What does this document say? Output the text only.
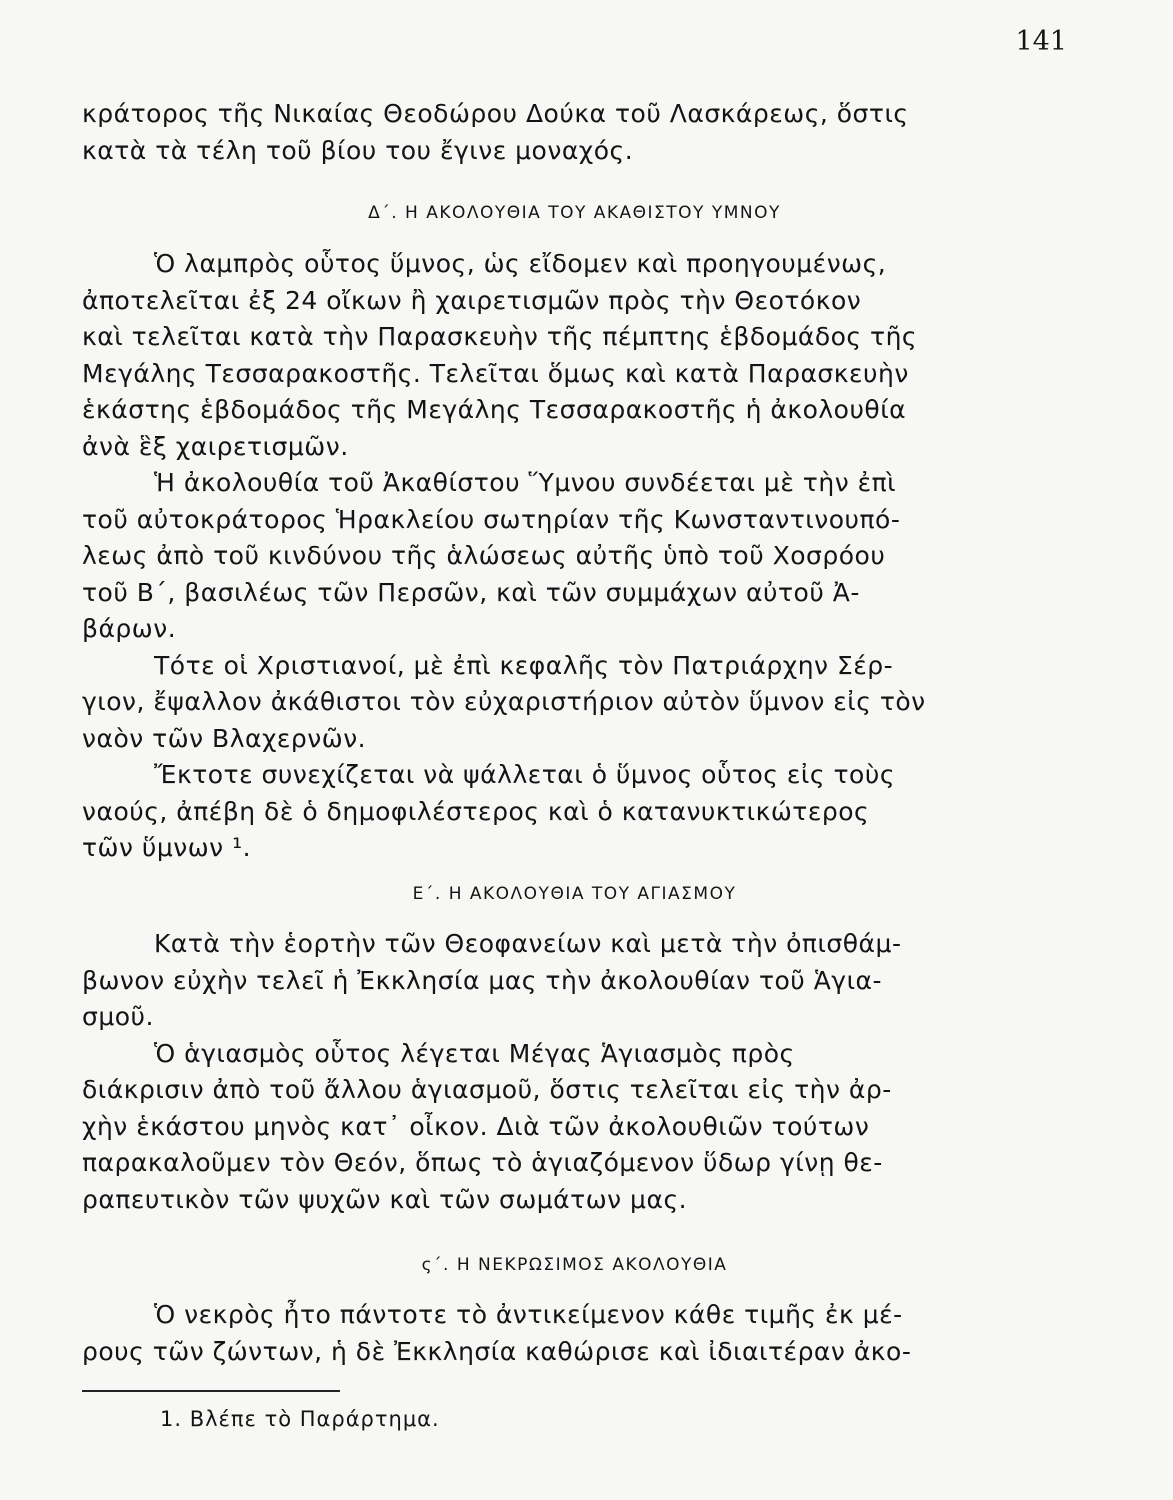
141
κράτορος τῆς Νικαίας Θεοδώρου Δούκα τοῦ Λασκάρεως, ὅστις
κατὰ τὰ τέλη τοῦ βίου του ἔγινε μοναχός.
Δ΄. Η ΑΚΟΛΟΥΘΙΑ ΤΟΥ ΑΚΑΘΙΣΤΟΥ ΥΜΝΟΥ
Ὁ λαμπρὸς οὗτος ὕμνος, ὡς εἴδομεν καὶ προηγουμένως,
ἀποτελεῖται ἐξ 24 οἴκων ἢ χαιρετισμῶν πρὸς τὴν Θεοτόκον
καὶ τελεῖται κατὰ τὴν Παρασκευὴν τῆς πέμπτης ἑβδομάδος τῆς
Μεγάλης Τεσσαρακοστῆς. Τελεῖται ὅμως καὶ κατὰ Παρασκευὴν
ἑκάστης ἑβδομάδος τῆς Μεγάλης Τεσσαρακοστῆς ἡ ἀκολουθία
ἀνὰ ἓξ χαιρετισμῶν.
Ἡ ἀκολουθία τοῦ Ἀκαθίστου Ὕμνου συνδέεται μὲ τὴν ἐπὶ
τοῦ αὐτοκράτορος Ἡρακλείου σωτηρίαν τῆς Κωνσταντινουπό-
λεως ἀπὸ τοῦ κινδύνου τῆς ἁλώσεως αὐτῆς ὑπὸ τοῦ Χοσρόου
τοῦ Β΄, βασιλέως τῶν Περσῶν, καὶ τῶν συμμάχων αὐτοῦ Ἀ-
βάρων.
Τότε οἱ Χριστιανοί, μὲ ἐπὶ κεφαλῆς τὸν Πατριάρχην Σέρ-
γιον, ἔψαλλον ἀκάθιστοι τὸν εὐχαριστήριον αὐτὸν ὕμνον εἰς τὸν
ναὸν τῶν Βλαχερνῶν.
Ἔκτοτε συνεχίζεται νὰ ψάλλεται ὁ ὕμνος οὗτος εἰς τοὺς
ναούς, ἀπέβη δὲ ὁ δημοφιλέστερος καὶ ὁ κατανυκτικώτερος
τῶν ὕμνων ¹.
Ε΄. Η ΑΚΟΛΟΥΘΙΑ ΤΟΥ ΑΓΙΑΣΜΟΥ
Κατὰ τὴν ἑορτὴν τῶν Θεοφανείων καὶ μετὰ τὴν ὀπισθάμ-
βωνον εὐχὴν τελεῖ ἡ Ἐκκλησία μας τὴν ἀκολουθίαν τοῦ Ἁγια-
σμοῦ.
Ὁ ἁγιασμὸς οὗτος λέγεται Μέγας Ἁγιασμὸς πρὸς
διάκρισιν ἀπὸ τοῦ ἄλλου ἁγιασμοῦ, ὅστις τελεῖται εἰς τὴν ἀρ-
χὴν ἑκάστου μηνὸς κατ᾽ οἶκον. Διὰ τῶν ἀκολουθιῶν τούτων
παρακαλοῦμεν τὸν Θεόν, ὅπως τὸ ἁγιαζόμενον ὕδωρ γίνῃ θε-
ραπευτικὸν τῶν ψυχῶν καὶ τῶν σωμάτων μας.
ς΄. Η ΝΕΚΡΩΣΙΜΟΣ ΑΚΟΛΟΥΘΙΑ
Ὁ νεκρὸς ἦτο πάντοτε τὸ ἀντικείμενον κάθε τιμῆς ἐκ μέ-
ρους τῶν ζώντων, ἡ δὲ Ἐκκλησία καθώρισε καὶ ἰδιαιτέραν ἀκο-
1. Βλέπε τὸ Παράρτημα.
